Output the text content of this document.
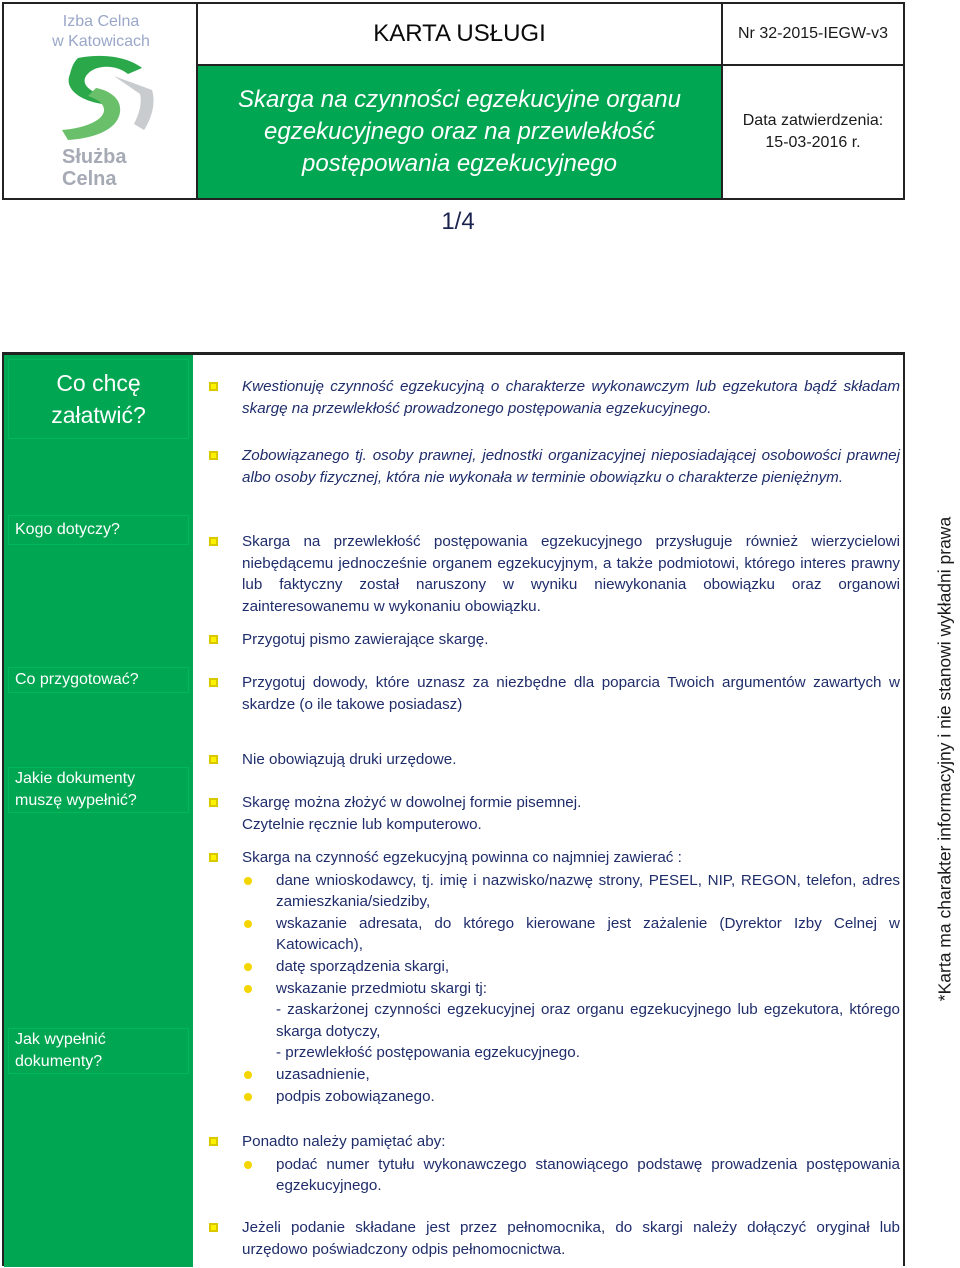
Izba Celna
w Katowicach
Służba
Celna
KARTA USŁUGI	Nr 32-2015-IEGW-v3
Skarga na czynności egzekucyjne organu egzekucyjnego oraz na przewlekłość postępowania egzekucyjnego
Data zatwierdzenia:
15-03-2016 r.
1/4
Co chcę załatwić?
Kogo dotyczy?
Co przygotować?
Jakie dokumenty muszę wypełnić?
Jak wypełnić dokumenty?
Kwestionuję czynność egzekucyjną o charakterze wykonawczym lub egzekutora bądź składam skargę na przewlekłość prowadzonego postępowania egzekucyjnego.
Zobowiązanego tj. osoby prawnej, jednostki organizacyjnej nieposiadającej osobowości prawnej albo osoby fizycznej, która nie wykonała w terminie obowiązku o charakterze pieniężnym.
Skarga na przewlekłość postępowania egzekucyjnego przysługuje również wierzycielowi niebędącemu jednocześnie organem egzekucyjnym, a także podmiotowi, którego interes prawny lub faktyczny został naruszony w wyniku niewykonania obowiązku oraz organowi zainteresowanemu w wykonaniu obowiązku.
Przygotuj pismo zawierające skargę.
Przygotuj dowody, które uznasz za niezbędne dla poparcia Twoich argumentów zawartych w skardze (o ile takowe posiadasz)
Nie obowiązują druki urzędowe.
Skargę można złożyć w dowolnej formie pisemnej.
Czytelnie ręcznie lub komputerowo.
Skarga na czynność egzekucyjną powinna co najmniej zawierać :
dane wnioskodawcy, tj. imię i nazwisko/nazwę strony, PESEL, NIP, REGON, telefon, adres zamieszkania/siedziby,
wskazanie adresata, do którego kierowane jest zażalenie (Dyrektor Izby Celnej w Katowicach),
datę sporządzenia skargi,
wskazanie przedmiotu skargi tj:
- zaskarżonej czynności egzekucyjnej oraz organu egzekucyjnego lub egzekutora, którego skarga dotyczy,
- przewlekłość postępowania egzekucyjnego.
uzasadnienie,
podpis zobowiązanego.
Ponadto należy pamiętać aby:
podać numer tytułu wykonawczego stanowiącego podstawę prowadzenia postępowania egzekucyjnego.
Jeżeli podanie składane jest przez pełnomocnika, do skargi należy dołączyć oryginał lub urzędowo poświadczony odpis pełnomocnictwa.
*Karta ma charakter informacyjny i nie stanowi wykładni prawa
